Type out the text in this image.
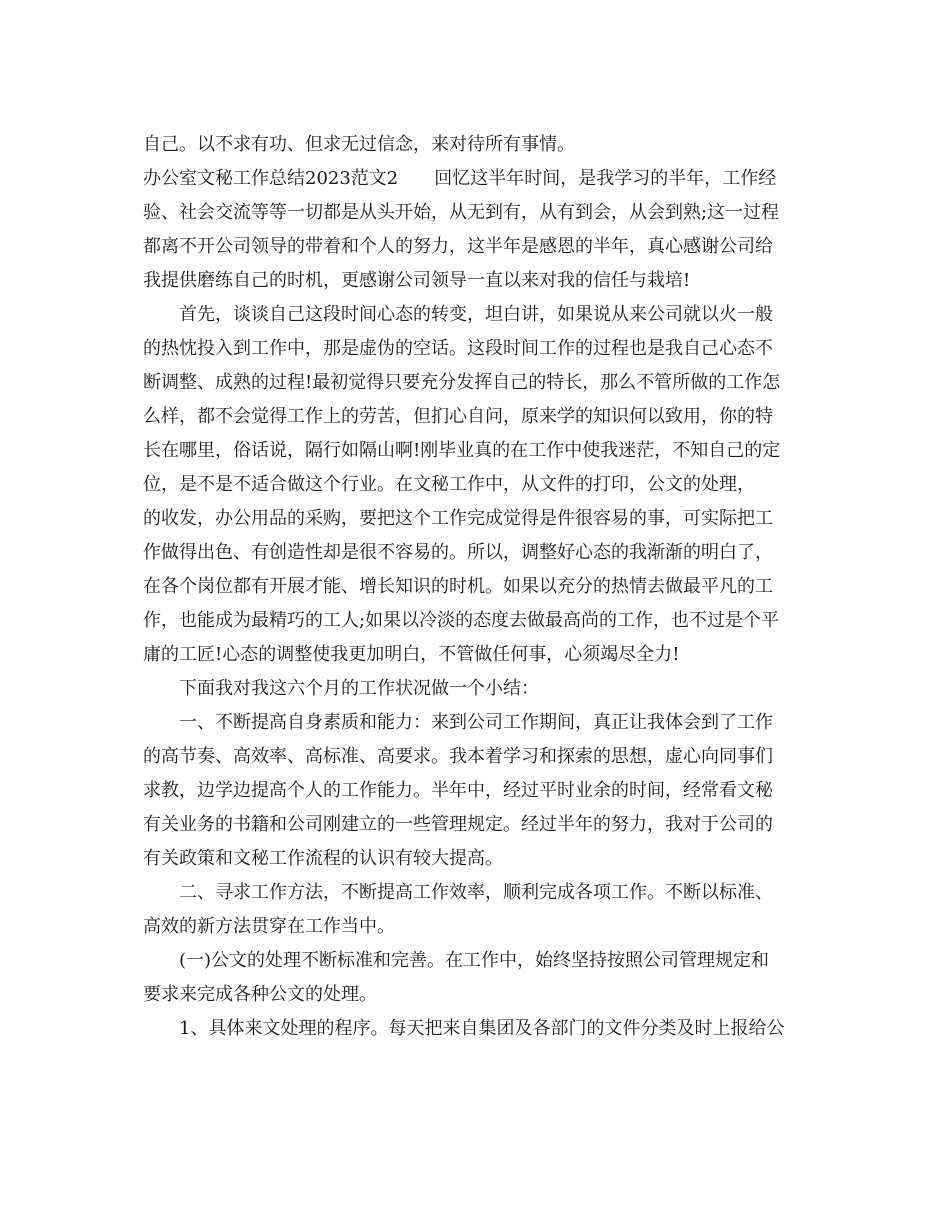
自己。以不求有功、但求无过信念，来对待所有事情。
办公室文秘工作总结2023范文2　　回忆这半年时间，是我学习的半年，工作经
验、社会交流等等一切都是从头开始，从无到有，从有到会，从会到熟;这一过程
都离不开公司领导的带着和个人的努力，这半年是感恩的半年，真心感谢公司给
我提供磨练自己的时机，更感谢公司领导一直以来对我的信任与栽培!
首先，谈谈自己这段时间心态的转变，坦白讲，如果说从来公司就以火一般
的热忱投入到工作中，那是虚伪的空话。这段时间工作的过程也是我自己心态不
断调整、成熟的过程!最初觉得只要充分发挥自己的特长，那么不管所做的工作怎
么样，都不会觉得工作上的劳苦，但扪心自问，原来学的知识何以致用，你的特
长在哪里，俗话说，隔行如隔山啊!刚毕业真的在工作中使我迷茫，不知自己的定
位，是不是不适合做这个行业。在文秘工作中，从文件的打印，公文的处理，
的收发，办公用品的采购，要把这个工作完成觉得是件很容易的事，可实际把工
作做得出色、有创造性却是很不容易的。所以，调整好心态的我渐渐的明白了，
在各个岗位都有开展才能、增长知识的时机。如果以充分的热情去做最平凡的工
作，也能成为最精巧的工人;如果以冷淡的态度去做最高尚的工作，也不过是个平
庸的工匠!心态的调整使我更加明白，不管做任何事，心须竭尽全力!
下面我对我这六个月的工作状况做一个小结：
一、不断提高自身素质和能力：来到公司工作期间，真正让我体会到了工作
的高节奏、高效率、高标准、高要求。我本着学习和探索的思想，虚心向同事们
求教，边学边提高个人的工作能力。半年中，经过平时业余的时间，经常看文秘
有关业务的书籍和公司刚建立的一些管理规定。经过半年的努力，我对于公司的
有关政策和文秘工作流程的认识有较大提高。
二、寻求工作方法，不断提高工作效率，顺利完成各项工作。不断以标准、
高效的新方法贯穿在工作当中。
(一)公文的处理不断标准和完善。在工作中，始终坚持按照公司管理规定和
要求来完成各种公文的处理。
1、具体来文处理的程序。每天把来自集团及各部门的文件分类及时上报给公
